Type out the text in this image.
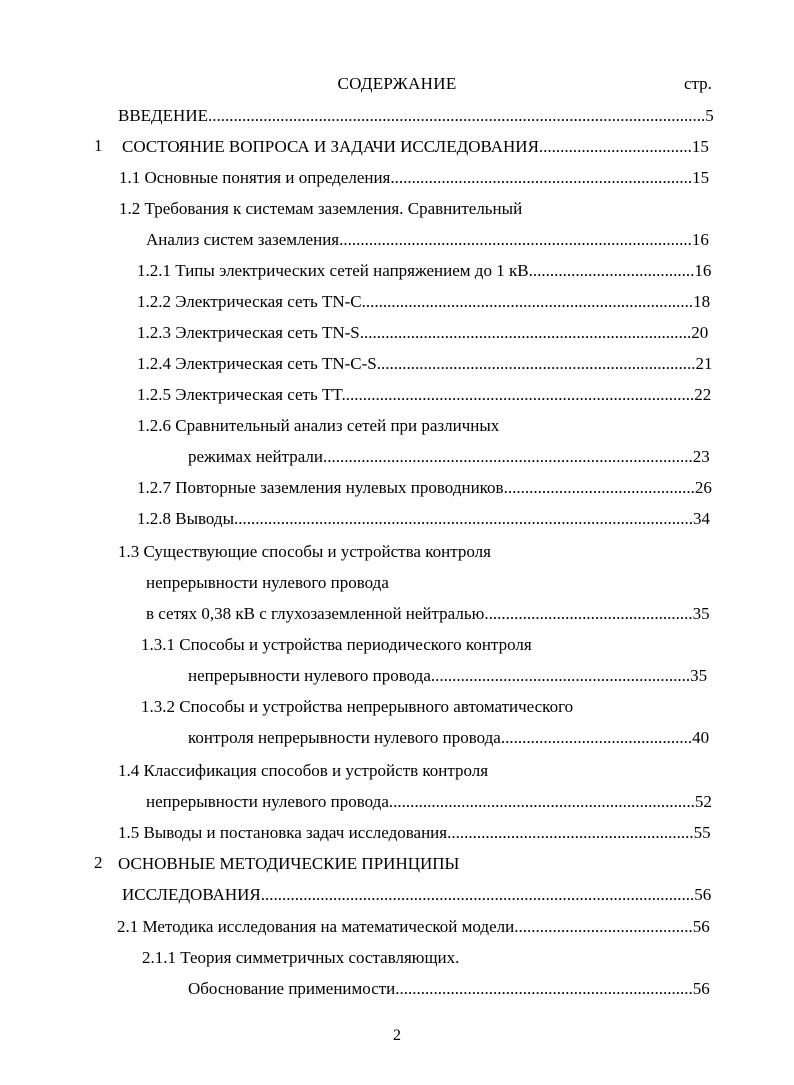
СОДЕРЖАНИЕ	стр.
ВВЕДЕНИЕ.....................................................................................................................5
1 СОСТОЯНИЕ ВОПРОСА И ЗАДАЧИ ИССЛЕДОВАНИЯ....................................15
1.1 Основные понятия и определения.......................................................................15
1.2 Требования к системам заземления. Сравнительный
Анализ систем заземления...................................................................................16
1.2.1 Типы электрических сетей напряжением до 1 кВ.......................................16
1.2.2 Электрическая сеть TN-C..............................................................................18
1.2.3 Электрическая сеть TN-S..............................................................................20
1.2.4 Электрическая сеть TN-C-S...........................................................................21
1.2.5 Электрическая сеть TT...................................................................................22
1.2.6 Сравнительный анализ сетей при различных
режимах нейтрали.......................................................................................23
1.2.7 Повторные заземления нулевых проводников.............................................26
1.2.8 Выводы............................................................................................................34
1.3 Существующие способы и устройства контроля
непрерывности нулевого провода
в сетях 0,38 кВ с глухозаземленной нейтралью.................................................35
1.3.1 Способы и устройства периодического контроля
непрерывности нулевого провода.............................................................35
1.3.2 Способы и устройства непрерывного автоматического
контроля непрерывности нулевого провода.............................................40
1.4 Классификация способов и устройств контроля
непрерывности нулевого провода........................................................................52
1.5 Выводы и постановка задач исследования..........................................................55
2 ОСНОВНЫЕ МЕТОДИЧЕСКИЕ ПРИНЦИПЫ
ИССЛЕДОВАНИЯ......................................................................................................56
2.1 Методика исследования на математической модели..........................................56
2.1.1 Теория симметричных составляющих.
Обоснование применимости......................................................................56
2
